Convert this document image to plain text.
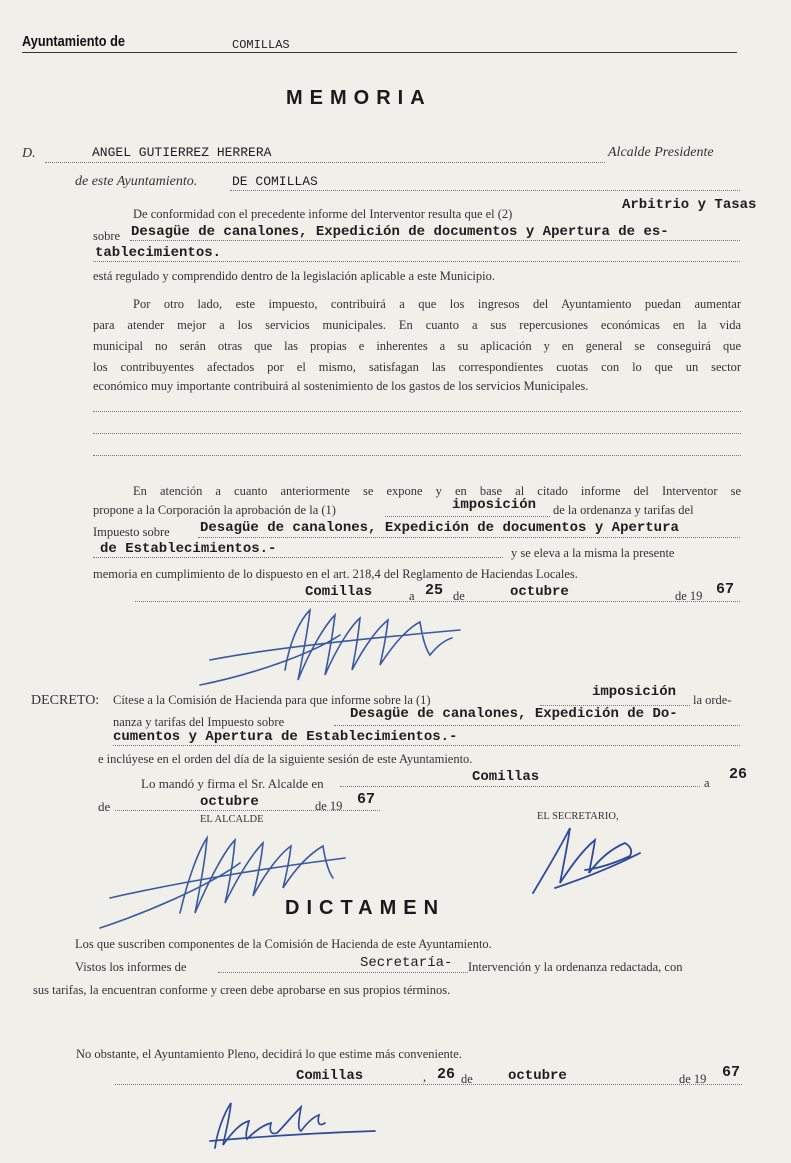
Ayuntamiento de	COMILLAS
MEMORIA
D.	ANGEL GUTIERREZ HERRERA	Alcalde Presidente
de este Ayuntamiento.	DE COMILLAS
De conformidad con el precedente informe del Interventor resulta que el (2)
Arbitrio y Tasas
sobre Desagüe de canalones, Expedición de documentos y Apertura de es-
tablecimientos.
está regulado y comprendido dentro de la legislación aplicable a este Municipio.
Por otro lado, este impuesto, contribuirá a que los ingresos del Ayuntamiento puedan aumentar
para atender mejor a los servicios municipales. En cuanto a sus repercusiones económicas en la vida
municipal no serán otras que las propias e inherentes a su aplicación y en general se conseguirá que
los contribuyentes afectados por el mismo, satisfagan las correspondientes cuotas con lo que un sector
económico muy importante contribuirá al sostenimiento de los gastos de los servicios Municipales.
En atención a cuanto anteriormente se expone y en base al citado informe del Interventor se
propone a la Corporación la aprobación de la (1)	imposición de la ordenanza y tarifas del
Impuesto sobre Desagüe de canalones, Expedición de documentos y Apertura
de Establecimientos.-	y se eleva a la misma la presente
memoria en cumplimiento de lo dispuesto en el art. 218,4 del Reglamento de Haciendas Locales.
Comillas	a 25 de	octubre	de 19 67
DECRETO: Cítese a la Comisión de Hacienda para que informe sobre la (1)	imposición la orde-
nanza y tarifas del Impuesto sobre	Desagüe de canalones, Expedición de Do-
cumentos y Apertura de Establecimientos.-
e inclúyese en el orden del día de la siguiente sesión de este Ayuntamiento.
Lo mandó y firma el Sr. Alcalde en	Comillas	a 26
de	octubre	de 19 67
EL ALCALDE	EL SECRETARIO,
DICTAMEN
Los que suscriben componentes de la Comisión de Hacienda de este Ayuntamiento.
Vistos los informes de	Secretaría- Intervención y la ordenanza redactada, con
sus tarifas, la encuentran conforme y creen debe aprobarse en sus propios términos.
No obstante, el Ayuntamiento Pleno, decidirá lo que estime más conveniente.
Comillas	, 26 de	octubre	de 19 67
